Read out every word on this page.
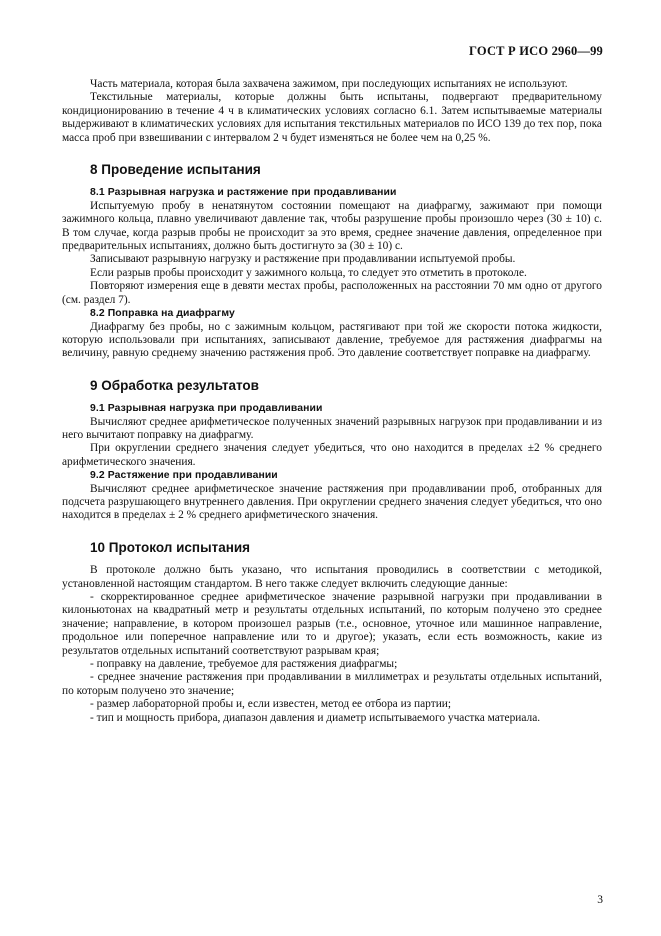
ГОСТ Р ИСО 2960—99

Часть материала, которая была захвачена зажимом, при последующих испытаниях не используют.

Текстильные материалы, которые должны быть испытаны, подвергают предварительному кондиционированию в течение 4 ч в климатических условиях согласно 6.1. Затем испытываемые материалы выдерживают в климатических условиях для испытания текстильных материалов по ИСО 139 до тех пор, пока масса проб при взвешивании с интервалом 2 ч будет изменяться не более чем на 0,25 %.

8 Проведение испытания
8.1 Разрывная нагрузка и растяжение при продавливании

Испытуемую пробу в ненатянутом состоянии помещают на диафрагму, зажимают при помощи зажимного кольца, плавно увеличивают давление так, чтобы разрушение пробы произошло через (30 ± 10) с. В том случае, когда разрыв пробы не происходит за это время, среднее значение давления, определенное при предварительных испытаниях, должно быть достигнуто за (30 ± 10) с.

Записывают разрывную нагрузку и растяжение при продавливании испытуемой пробы.

Если разрыв пробы происходит у зажимного кольца, то следует это отметить в протоколе.

Повторяют измерения еще в девяти местах пробы, расположенных на расстоянии 70 мм одно от другого (см. раздел 7).

8.2 Поправка на диафрагму

Диафрагму без пробы, но с зажимным кольцом, растягивают при той же скорости потока жидкости, которую использовали при испытаниях, записывают давление, требуемое для растяжения диафрагмы на величину, равную среднему значению растяжения проб. Это давление соответствует поправке на диафрагму.

9 Обработка результатов
9.1 Разрывная нагрузка при продавливании

Вычисляют среднее арифметическое полученных значений разрывных нагрузок при продавливании и из него вычитают поправку на диафрагму.

При округлении среднего значения следует убедиться, что оно находится в пределах ±2 % среднего арифметического значения.

9.2 Растяжение при продавливании

Вычисляют среднее арифметическое значение растяжения при продавливании проб, отобранных для подсчета разрушающего внутреннего давления. При округлении среднего значения следует убедиться, что оно находится в пределах ± 2 % среднего арифметического значения.

10 Протокол испытания

В протоколе должно быть указано, что испытания проводились в соответствии с методикой, установленной настоящим стандартом. В него также следует включить следующие данные:

- скорректированное среднее арифметическое значение разрывной нагрузки при продавливании в килоньютонах на квадратный метр и результаты отдельных испытаний, по которым получено это среднее значение; направление, в котором произошел разрыв (т.е., основное, уточное или машинное направление, продольное или поперечное направление или то и другое); указать, если есть возможность, какие из результатов отдельных испытаний соответствуют разрывам края;

- поправку на давление, требуемое для растяжения диафрагмы;

- среднее значение растяжения при продавливании в миллиметрах и результаты отдельных испытаний, по которым получено это значение;

- размер лабораторной пробы и, если известен, метод ее отбора из партии;

- тип и мощность прибора, диапазон давления и диаметр испытываемого участка материала.

3
